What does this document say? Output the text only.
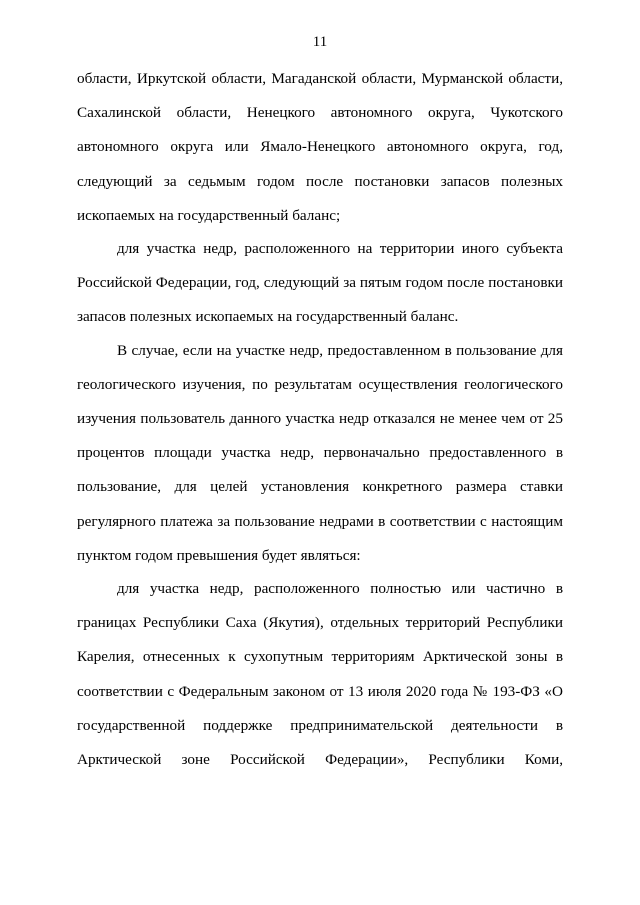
11

области, Иркутской области, Магаданской области, Мурманской области, Сахалинской области, Ненецкого автономного округа, Чукотского автономного округа или Ямало-Ненецкого автономного округа, год, следующий за седьмым годом после постановки запасов полезных ископаемых на государственный баланс;

для участка недр, расположенного на территории иного субъекта Российской Федерации, год, следующий за пятым годом после постановки запасов полезных ископаемых на государственный баланс.

В случае, если на участке недр, предоставленном в пользование для геологического изучения, по результатам осуществления геологического изучения пользователь данного участка недр отказался не менее чем от 25 процентов площади участка недр, первоначально предоставленного в пользование, для целей установления конкретного размера ставки регулярного платежа за пользование недрами в соответствии с настоящим пунктом годом превышения будет являться:

для участка недр, расположенного полностью или частично в границах Республики Саха (Якутия), отдельных территорий Республики Карелия, отнесенных к сухопутным территориям Арктической зоны в соответствии с Федеральным законом от 13 июля 2020 года № 193-ФЗ «О государственной поддержке предпринимательской деятельности в Арктической зоне Российской Федерации», Республики Коми,
